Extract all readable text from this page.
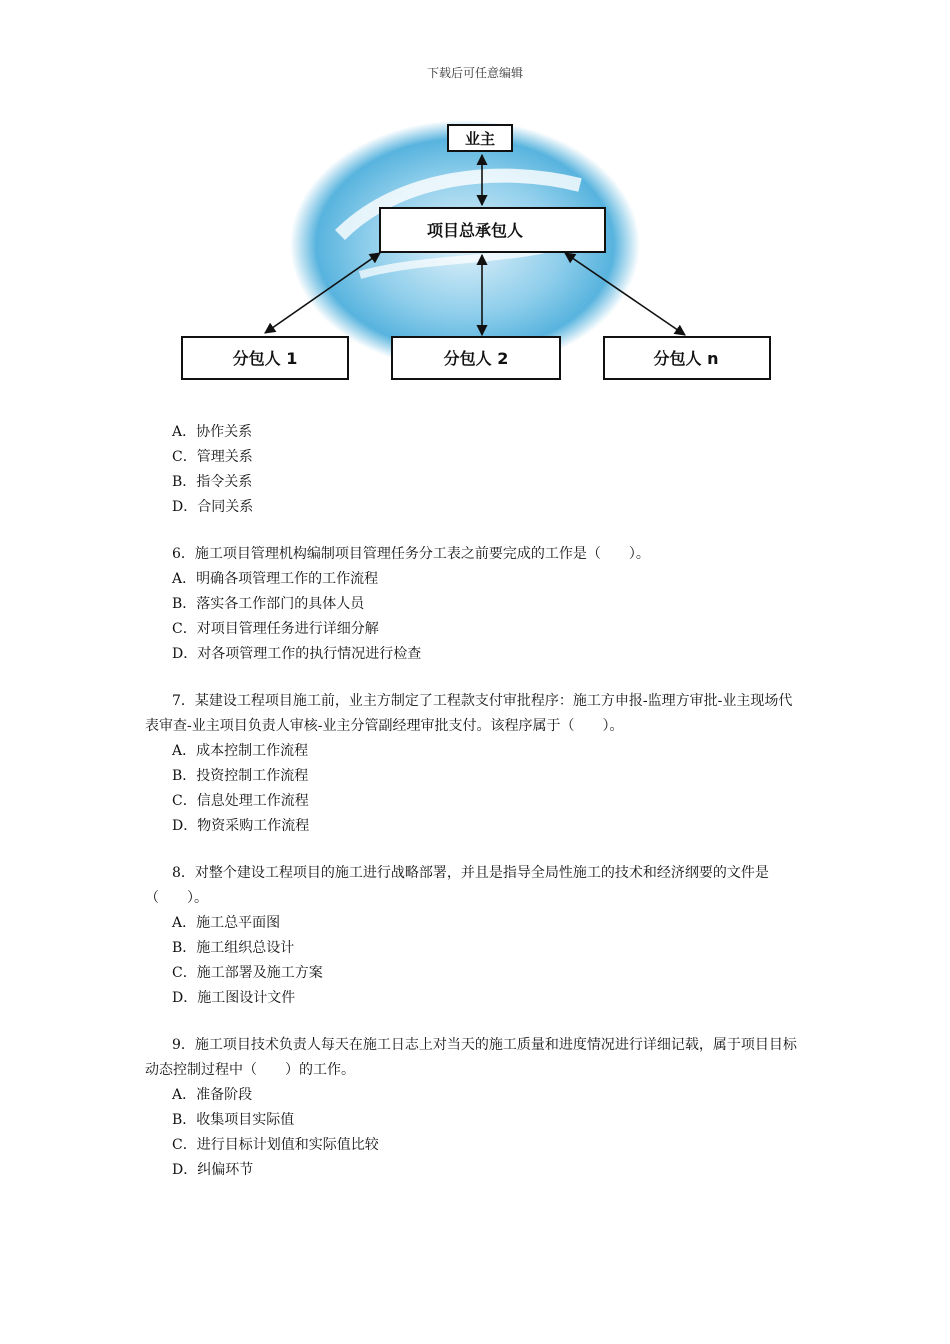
下载后可任意编辑
业主
项目总承包人
分包人 1	分包人 2	分包人 n
A．协作关系
C．管理关系
B．指令关系
D．合同关系

6．施工项目管理机构编制项目管理任务分工表之前要完成的工作是（　　）。

A．明确各项管理工作的工作流程
B．落实各工作部门的具体人员
C．对项目管理任务进行详细分解
D．对各项管理工作的执行情况进行检查

7．某建设工程项目施工前，业主方制定了工程款支付审批程序：施工方申报-监理方审批-业主现场代表审查-业主项目负责人审核-业主分管副经理审批支付。该程序属于（　　）。

A．成本控制工作流程
B．投资控制工作流程
C．信息处理工作流程
D．物资采购工作流程

8．对整个建设工程项目的施工进行战略部署，并且是指导全局性施工的技术和经济纲要的文件是（　　）。

A．施工总平面图
B．施工组织总设计
C．施工部署及施工方案
D．施工图设计文件

9．施工项目技术负责人每天在施工日志上对当天的施工质量和进度情况进行详细记载，属于项目目标动态控制过程中（　　）的工作。

A．准备阶段
B．收集项目实际值
C．进行目标计划值和实际值比较
D．纠偏环节
